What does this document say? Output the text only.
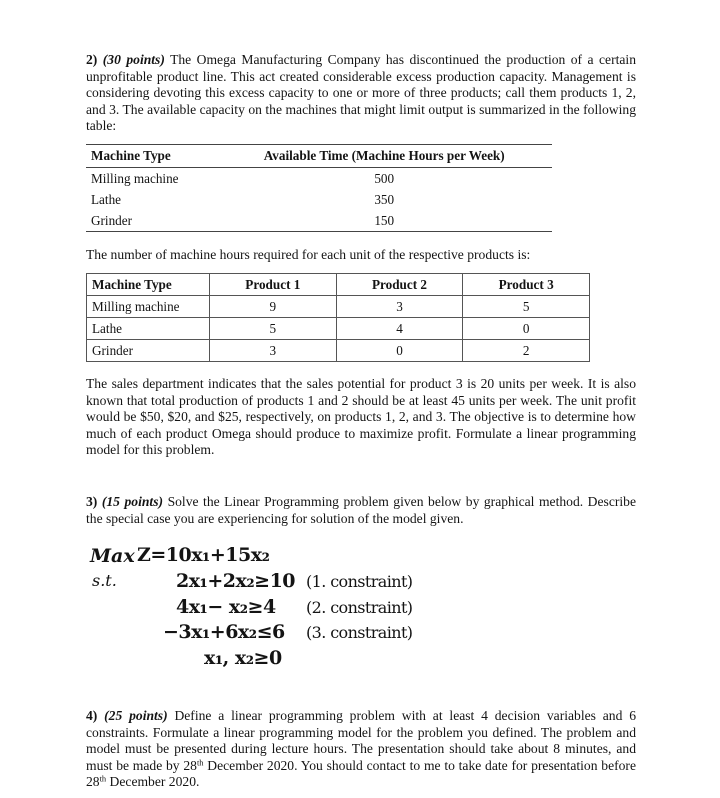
2) (30 points) The Omega Manufacturing Company has discontinued the production of a certain unprofitable product line. This act created considerable excess production capacity. Management is considering devoting this excess capacity to one or more of three products; call them products 1, 2, and 3. The available capacity on the machines that might limit output is summarized in the following table:

Machine Type	Available Time (Machine Hours per Week)
Milling machine	500
Lathe	350
Grinder	150

The number of machine hours required for each unit of the respective products is:

Machine Type	Product 1	Product 2	Product 3
Milling machine	9	3	5
Lathe	5	4	0
Grinder	3	0	2

The sales department indicates that the sales potential for product 3 is 20 units per week. It is also known that total production of products 1 and 2 should be at least 45 units per week. The unit profit would be $50, $20, and $25, respectively, on products 1, 2, and 3. The objective is to determine how much of each product Omega should produce to maximize profit. Formulate a linear programming model for this problem.

3) (15 points) Solve the Linear Programming problem given below by graphical method. Describe the special case you are experiencing for solution of the model given.

Max Z=10x₁+15x₂
s.t.	2x₁+2x₂≥10
4x₁− x₂≥4
−3x₁+6x₂≤6
x₁, x₂≥0
(1. constraint)
(2. constraint)
(3. constraint)

4) (25 points) Define a linear programming problem with at least 4 decision variables and 6 constraints. Formulate a linear programming model for the problem you defined. The problem and model must be presented during lecture hours. The presentation should take about 8 minutes, and must be made by 28th December 2020. You should contact to me to take date for presentation before 28th December 2020.
